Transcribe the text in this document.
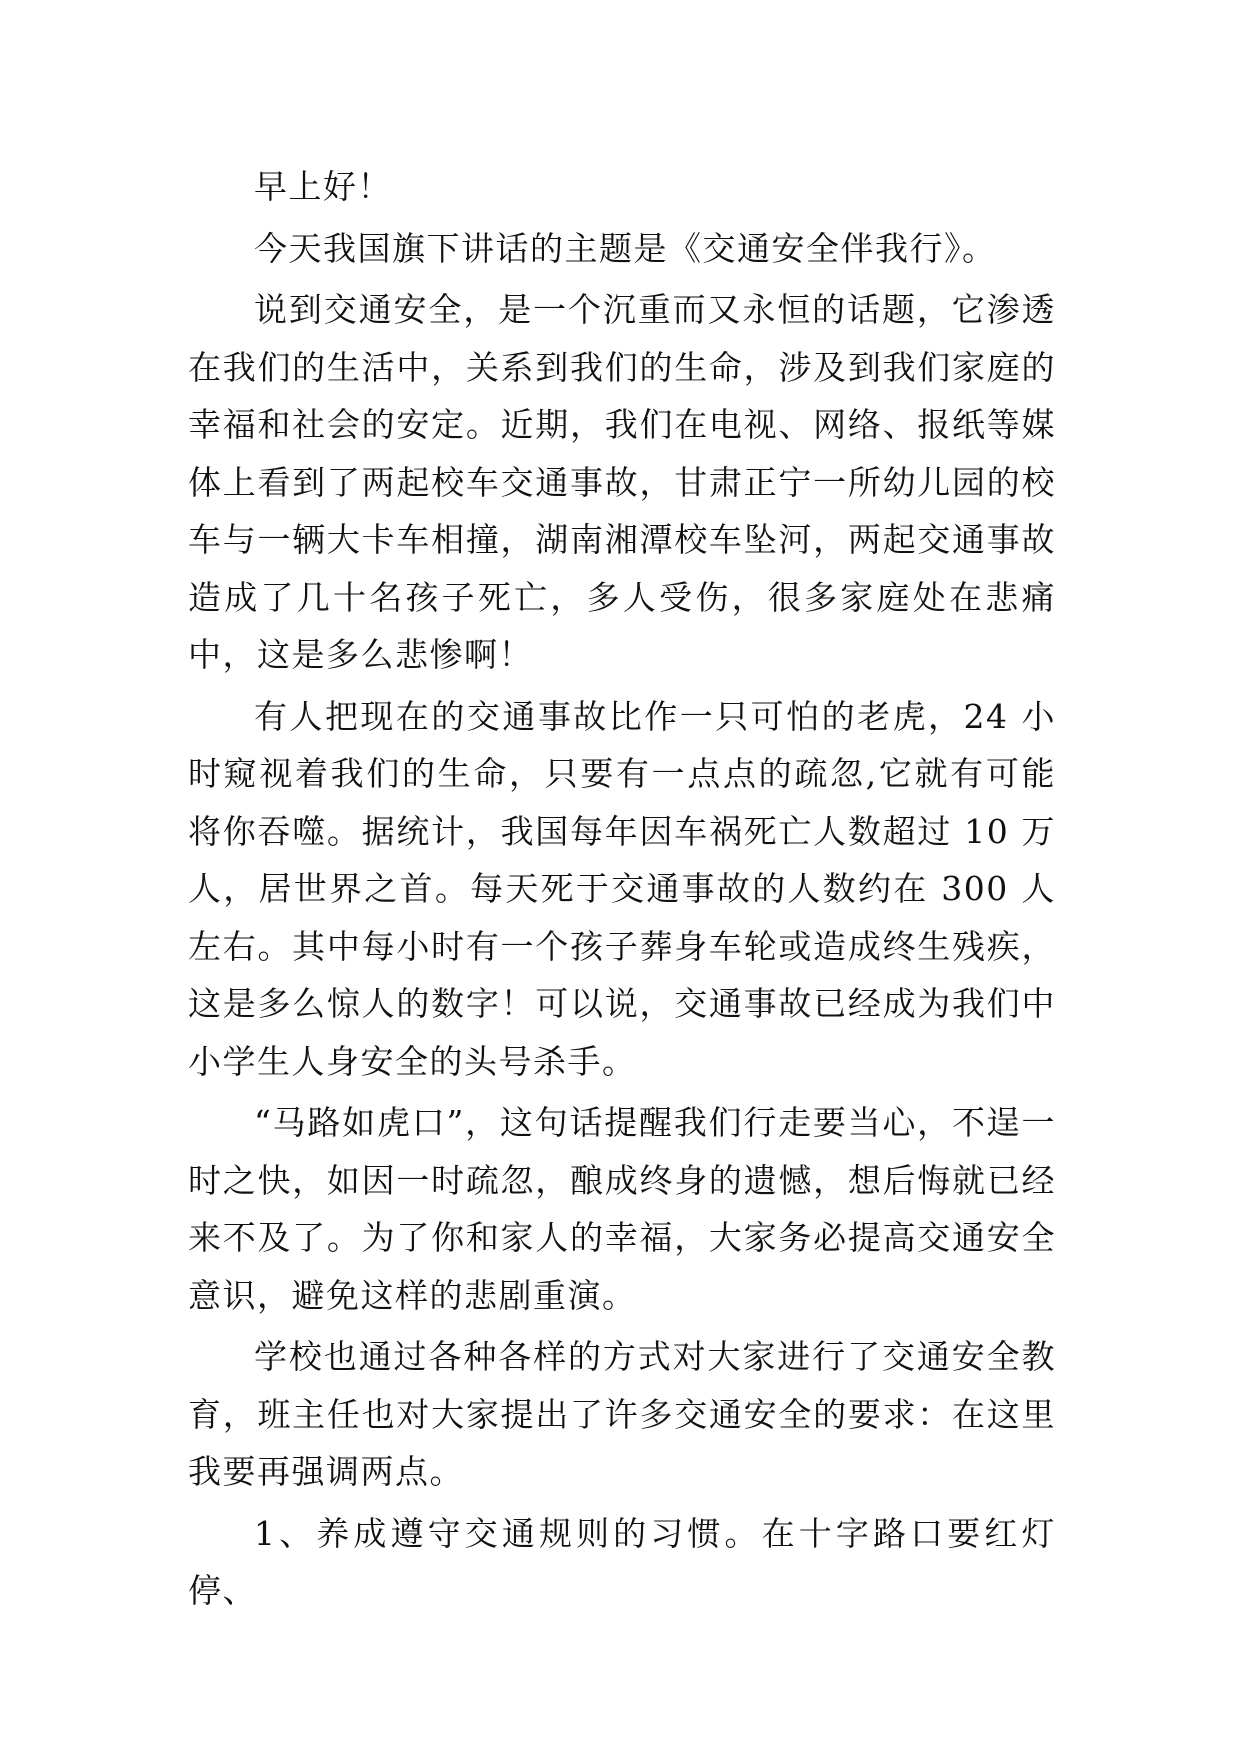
早上好！

今天我国旗下讲话的主题是《交通安全伴我行》。

说到交通安全，是一个沉重而又永恒的话题，它渗透在我们的生活中，关系到我们的生命，涉及到我们家庭的幸福和社会的安定。近期，我们在电视、网络、报纸等媒体上看到了两起校车交通事故，甘肃正宁一所幼儿园的校车与一辆大卡车相撞，湖南湘潭校车坠河，两起交通事故造成了几十名孩子死亡，多人受伤，很多家庭处在悲痛中，这是多么悲惨啊！

有人把现在的交通事故比作一只可怕的老虎，24 小时窥视着我们的生命，只要有一点点的疏忽,它就有可能将你吞噬。据统计，我国每年因车祸死亡人数超过 10 万人，居世界之首。每天死于交通事故的人数约在 300 人左右。其中每小时有一个孩子葬身车轮或造成终生残疾，这是多么惊人的数字！可以说，交通事故已经成为我们中小学生人身安全的头号杀手。

“马路如虎口”，这句话提醒我们行走要当心，不逞一时之快，如因一时疏忽，酿成终身的遗憾，想后悔就已经来不及了。为了你和家人的幸福，大家务必提高交通安全意识，避免这样的悲剧重演。

学校也通过各种各样的方式对大家进行了交通安全教育，班主任也对大家提出了许多交通安全的要求：在这里我要再强调两点。

1、养成遵守交通规则的习惯。在十字路口要红灯停、
